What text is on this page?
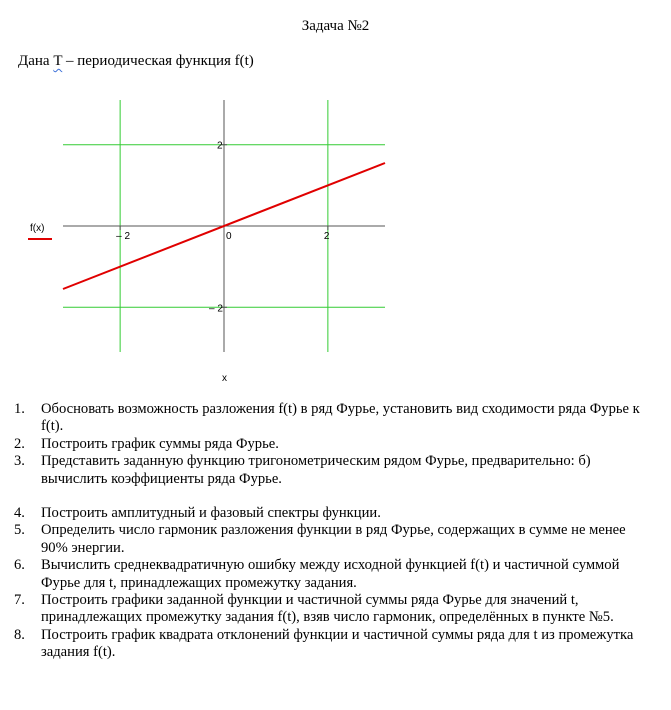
Задача №2
Дана T – периодическая функция f(t)
– 2	0	2
2
– 2
f(x)
x
1.	Обосновать возможность разложения f(t) в ряд Фурье, установить вид сходимости ряда Фурье к f(t).
2.	Построить график суммы ряда Фурье.
3.	Представить заданную функцию тригонометрическим рядом Фурье, предварительно: б) вычислить коэффициенты ряда Фурье.
4.	Построить амплитудный и фазовый спектры функции.
5.	Определить число гармоник разложения функции в ряд Фурье, содержащих в сумме не менее 90% энергии.
6.	Вычислить среднеквадратичную ошибку между исходной функцией f(t) и частичной суммой Фурье для t, принадлежащих промежутку задания.
7.	Построить графики заданной функции и частичной суммы ряда Фурье для значений t, принадлежащих промежутку задания f(t), взяв число гармоник, определённых в пункте №5.
8.	Построить график квадрата отклонений функции и частичной суммы ряда для t из промежутка задания f(t).
